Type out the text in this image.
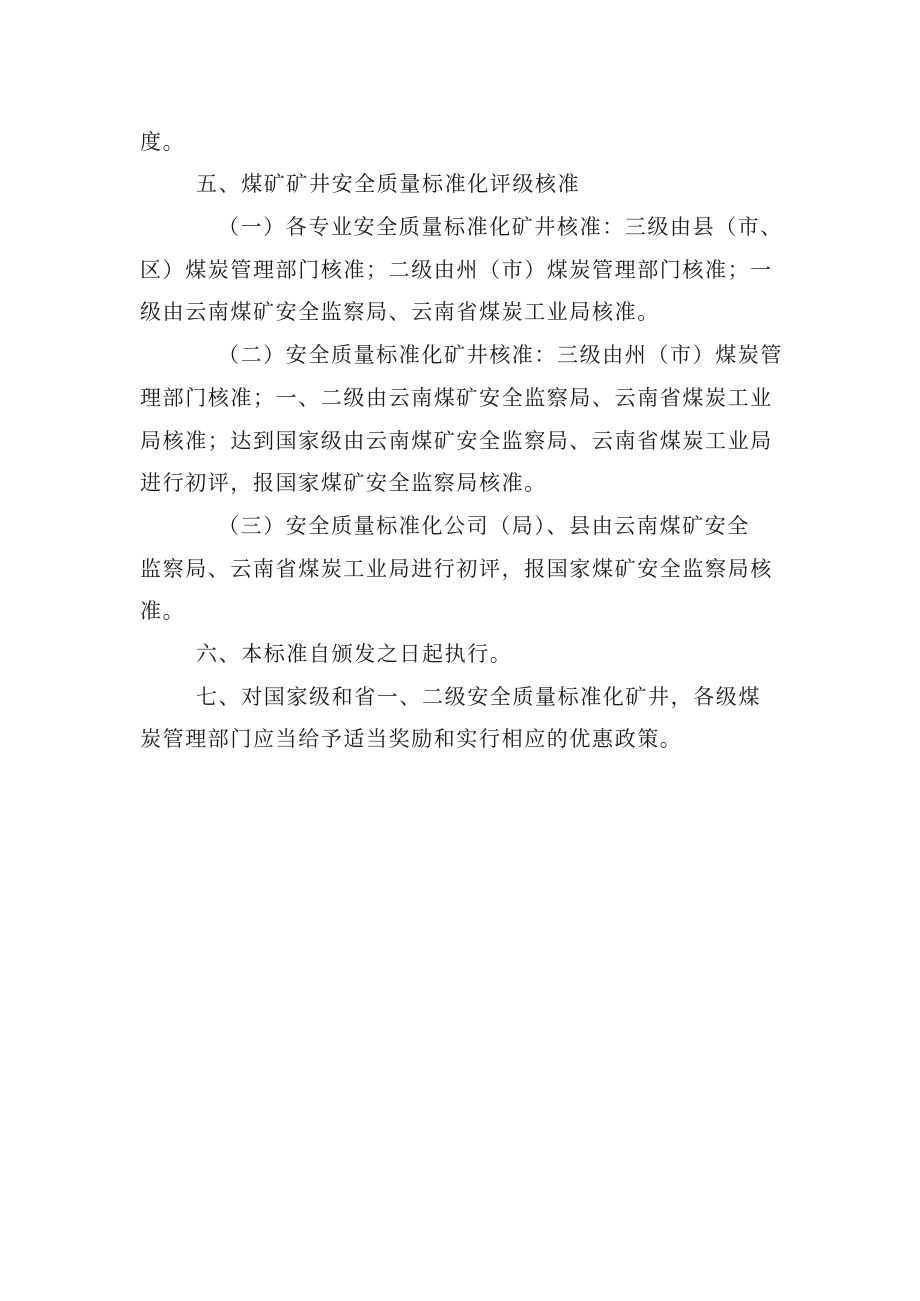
度。
五、煤矿矿井安全质量标准化评级核准
（一）各专业安全质量标准化矿井核准：三级由县（市、
区）煤炭管理部门核准；二级由州（市）煤炭管理部门核准；一
级由云南煤矿安全监察局、云南省煤炭工业局核准。
（二）安全质量标准化矿井核准：三级由州（市）煤炭管
理部门核准；一、二级由云南煤矿安全监察局、云南省煤炭工业
局核准；达到国家级由云南煤矿安全监察局、云南省煤炭工业局
进行初评，报国家煤矿安全监察局核准。
（三）安全质量标准化公司（局）、县由云南煤矿安全
监察局、云南省煤炭工业局进行初评，报国家煤矿安全监察局核
准。
六、本标准自颁发之日起执行。
七、对国家级和省一、二级安全质量标准化矿井，各级煤
炭管理部门应当给予适当奖励和实行相应的优惠政策。
